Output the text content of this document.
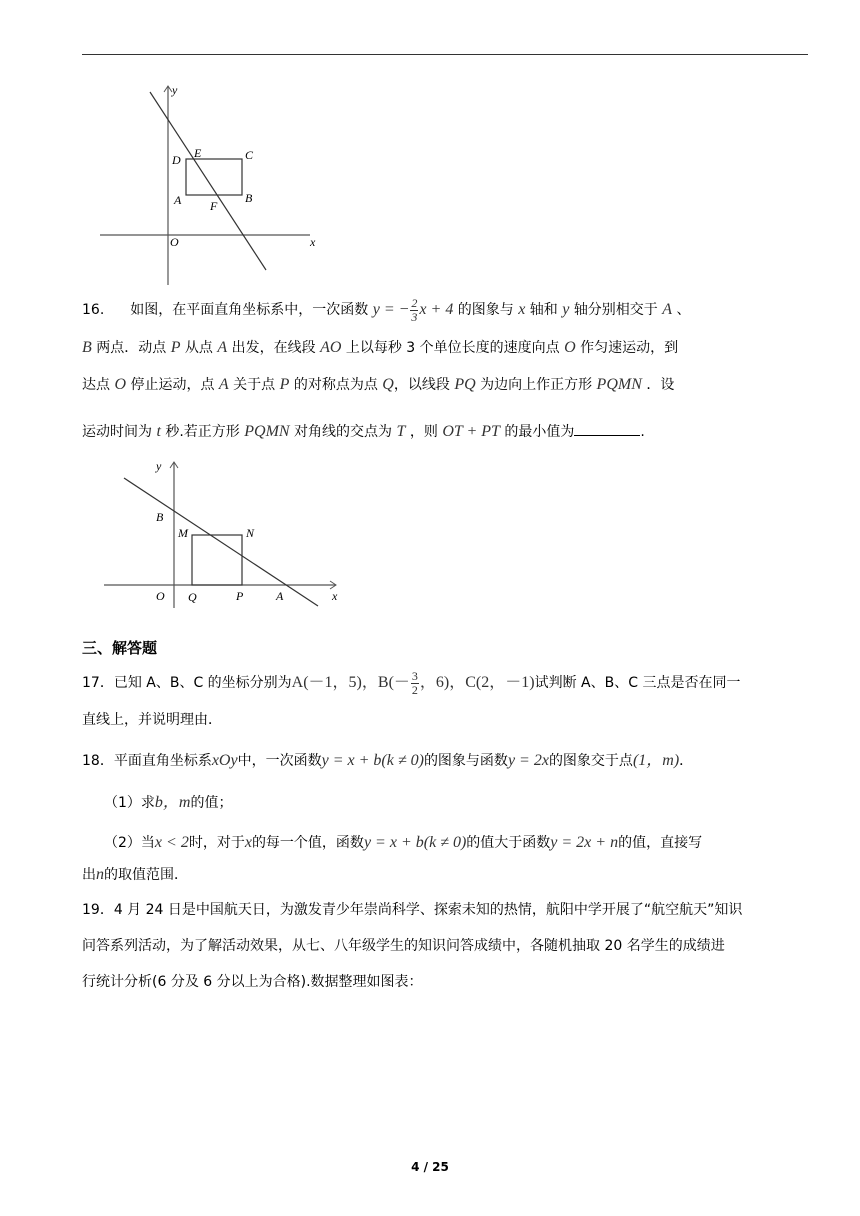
y
x
O
D E	C
A F
B
16. 如图，在平面直角坐标系中，一次函数 y = − $\frac{2}{3}$ x + 4 的图象与 x 轴和 y 轴分别相交于 A 、
B 两点．动点 P 从点 A 出发，在线段 AO 上以每秒 3 个单位长度的速度向点 O 作匀速运动，到
达点 O 停止运动，点 A 关于点 P 的对称点为点 Q，以线段 PQ 为边向上作正方形 PQMN ．设
运动时间为 t 秒.若正方形 PQMN 对角线的交点为 T ，则 OT + PT 的最小值为	.
y
x
O
B
M	N
Q	P	A
三、解答题
17．已知 A、B、C 的坐标分别为A(－1，5)，$B(- \frac{3}{2}$ ，6)，C(2，－1)试判断 A、B、C 三点是否在同一
直线上，并说明理由．
18．平面直角坐标系xOy中，一次函数y = x + b(k ≠ 0)的图象与函数y = 2x的图象交于点(1，m)．
（1）求b，m的值；
（2）当x < 2时，对于x的每一个值，函数y = x + b(k ≠ 0)的值大于函数y = 2x + n的值，直接写
出n的取值范围．
19．4 月 24 日是中国航天日，为激发青少年崇尚科学、探索未知的热情，航阳中学开展了“航空航天”知识
问答系列活动，为了解活动效果，从七、八年级学生的知识问答成绩中，各随机抽取 20 名学生的成绩进
行统计分析(6 分及 6 分以上为合格).数据整理如图表：
4 / 25
